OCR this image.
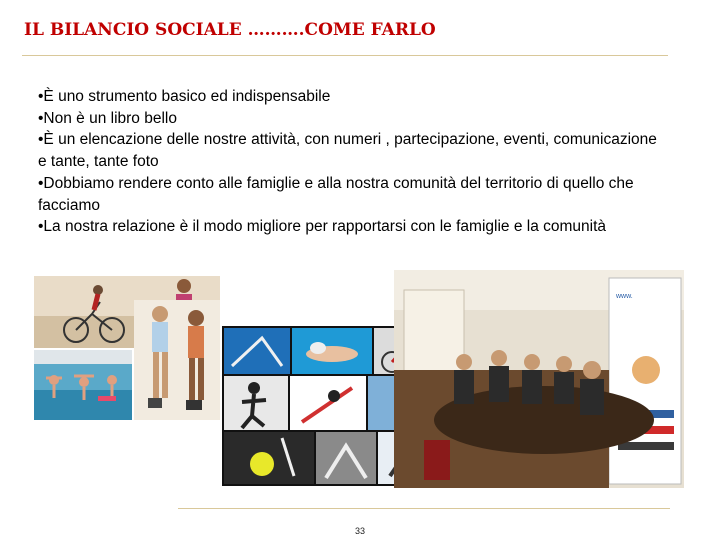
IL BILANCIO SOCIALE ……….COME FARLO
•È uno strumento basico ed indispensabile
•Non è un libro bello
•È un elencazione delle nostre attività, con numeri , partecipazione, eventi, comunicazione e tante, tante foto
•Dobbiamo rendere conto alle famiglie e alla nostra comunità del territorio di quello che facciamo
•La nostra relazione è il modo migliore per rapportarsi con le famiglie e la comunità
www.
33
